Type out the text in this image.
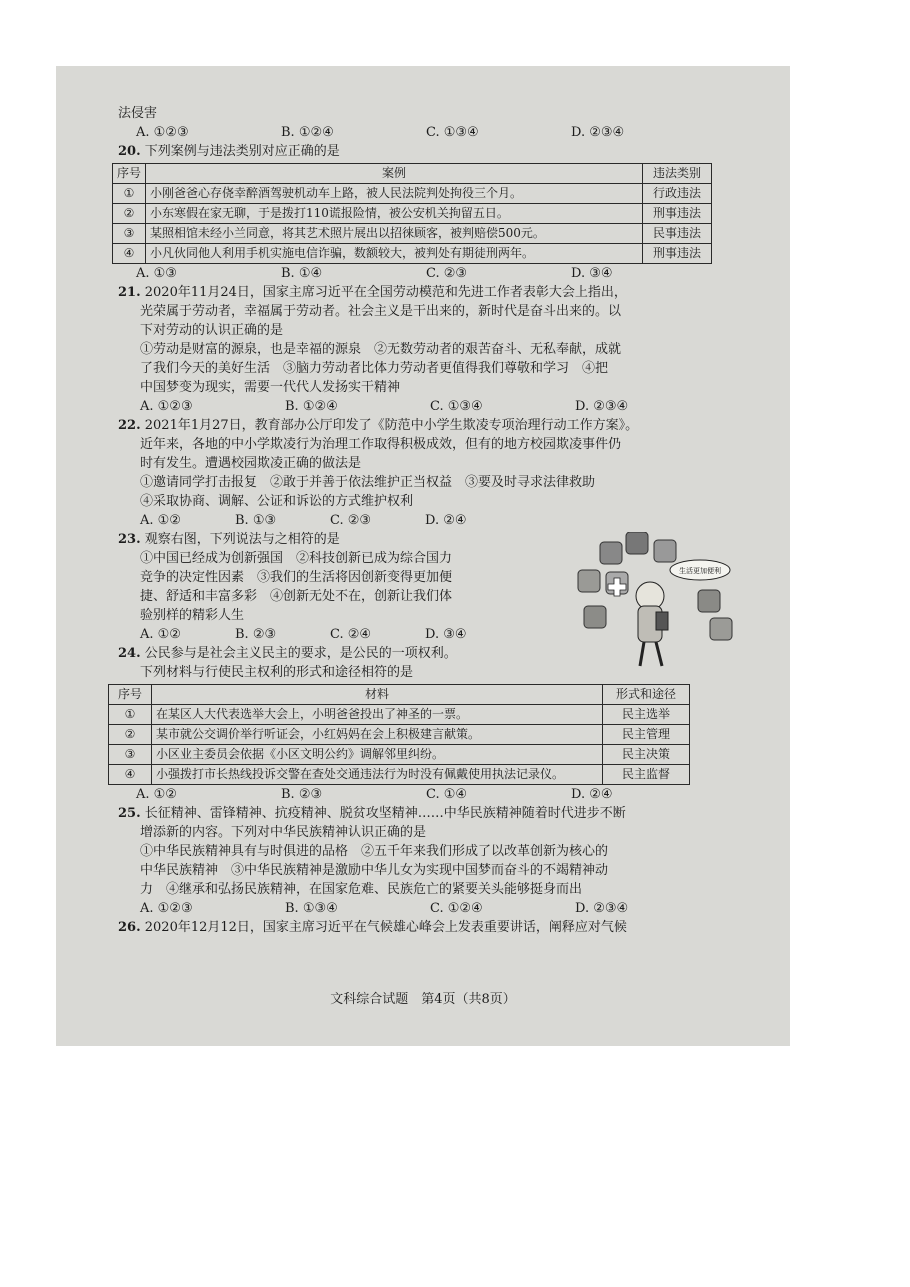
法侵害
A. ①②③	B. ①②④	C. ①③④	D. ②③④
20. 下列案例与违法类别对应正确的是
序号	案例	违法类别
①	小刚爸爸心存侥幸醉酒驾驶机动车上路，被人民法院判处拘役三个月。	行政违法
②	小东寒假在家无聊，于是拨打110谎报险情，被公安机关拘留五日。	刑事违法
③	某照相馆未经小兰同意，将其艺术照片展出以招徕顾客，被判赔偿500元。	民事违法
④	小凡伙同他人利用手机实施电信诈骗，数额较大，被判处有期徒刑两年。	刑事违法
A. ①③	B. ①④	C. ②③	D. ③④
21. 2020年11月24日，国家主席习近平在全国劳动模范和先进工作者表彰大会上指出，
光荣属于劳动者，幸福属于劳动者。社会主义是干出来的，新时代是奋斗出来的。以
下对劳动的认识正确的是
①劳动是财富的源泉，也是幸福的源泉　②无数劳动者的艰苦奋斗、无私奉献，成就
了我们今天的美好生活　③脑力劳动者比体力劳动者更值得我们尊敬和学习　④把
中国梦变为现实，需要一代代人发扬实干精神
A. ①②③	B. ①②④	C. ①③④	D. ②③④
22. 2021年1月27日，教育部办公厅印发了《防范中小学生欺凌专项治理行动工作方案》。
近年来，各地的中小学欺凌行为治理工作取得积极成效，但有的地方校园欺凌事件仍
时有发生。遭遇校园欺凌正确的做法是
①邀请同学打击报复　②敢于并善于依法维护正当权益　③要及时寻求法律救助
④采取协商、调解、公证和诉讼的方式维护权利
A. ①②	B. ①③	C. ②③	D. ②④
23. 观察右图，下列说法与之相符的是
①中国已经成为创新强国　②科技创新已成为综合国力
竞争的决定性因素　③我们的生活将因创新变得更加便
捷、舒适和丰富多彩　④创新无处不在，创新让我们体
验别样的精彩人生
A. ①②	B. ②③	C. ②④	D. ③④
生活更加便利
24. 公民参与是社会主义民主的要求，是公民的一项权利。
下列材料与行使民主权利的形式和途径相符的是
序号	材料	形式和途径
①	在某区人大代表选举大会上，小明爸爸投出了神圣的一票。	民主选举
②	某市就公交调价举行听证会，小红妈妈在会上积极建言献策。	民主管理
③	小区业主委员会依据《小区文明公约》调解邻里纠纷。	民主决策
④	小强拨打市长热线投诉交警在查处交通违法行为时没有佩戴使用执法记录仪。	民主监督
A. ①②	B. ②③	C. ①④	D. ②④
25. 长征精神、雷锋精神、抗疫精神、脱贫攻坚精神……中华民族精神随着时代进步不断
增添新的内容。下列对中华民族精神认识正确的是
①中华民族精神具有与时俱进的品格　②五千年来我们形成了以改革创新为核心的
中华民族精神　③中华民族精神是激励中华儿女为实现中国梦而奋斗的不竭精神动
力　④继承和弘扬民族精神，在国家危难、民族危亡的紧要关头能够挺身而出
A. ①②③	B. ①③④	C. ①②④	D. ②③④
26. 2020年12月12日，国家主席习近平在气候雄心峰会上发表重要讲话，阐释应对气候
文科综合试题　第4页（共8页）
